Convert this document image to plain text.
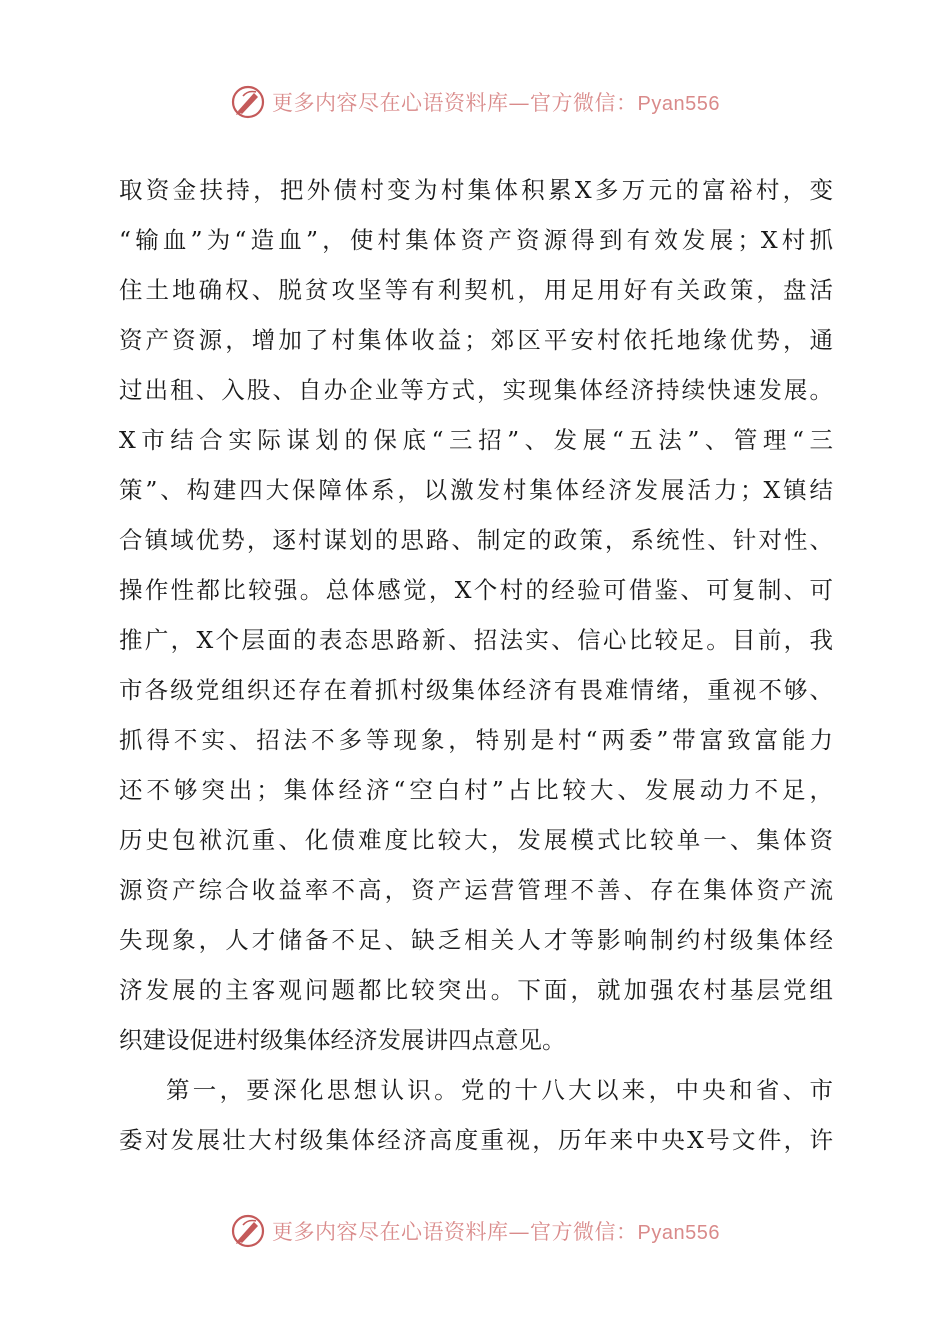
更多内容尽在心语资料库—官方微信：Pyan556
取资金扶持，把外债村变为村集体积累X多万元的富裕村，变
“输血”为“造血”，使村集体资产资源得到有效发展；X村抓
住土地确权、脱贫攻坚等有利契机，用足用好有关政策，盘活
资产资源，增加了村集体收益；郊区平安村依托地缘优势，通
过出租、入股、自办企业等方式，实现集体经济持续快速发展。
X市结合实际谋划的保底“三招”、发展“五法”、管理“三
策”、构建四大保障体系，以激发村集体经济发展活力；X镇结
合镇域优势，逐村谋划的思路、制定的政策，系统性、针对性、
操作性都比较强。总体感觉，X个村的经验可借鉴、可复制、可
推广，X个层面的表态思路新、招法实、信心比较足。目前，我
市各级党组织还存在着抓村级集体经济有畏难情绪，重视不够、
抓得不实、招法不多等现象，特别是村“两委”带富致富能力
还不够突出；集体经济“空白村”占比较大、发展动力不足，
历史包袱沉重、化债难度比较大，发展模式比较单一、集体资
源资产综合收益率不高，资产运营管理不善、存在集体资产流
失现象，人才储备不足、缺乏相关人才等影响制约村级集体经
济发展的主客观问题都比较突出。下面，就加强农村基层党组
织建设促进村级集体经济发展讲四点意见。
第一，要深化思想认识。党的十八大以来，中央和省、市
委对发展壮大村级集体经济高度重视，历年来中央X号文件，许
更多内容尽在心语资料库—官方微信：Pyan556
